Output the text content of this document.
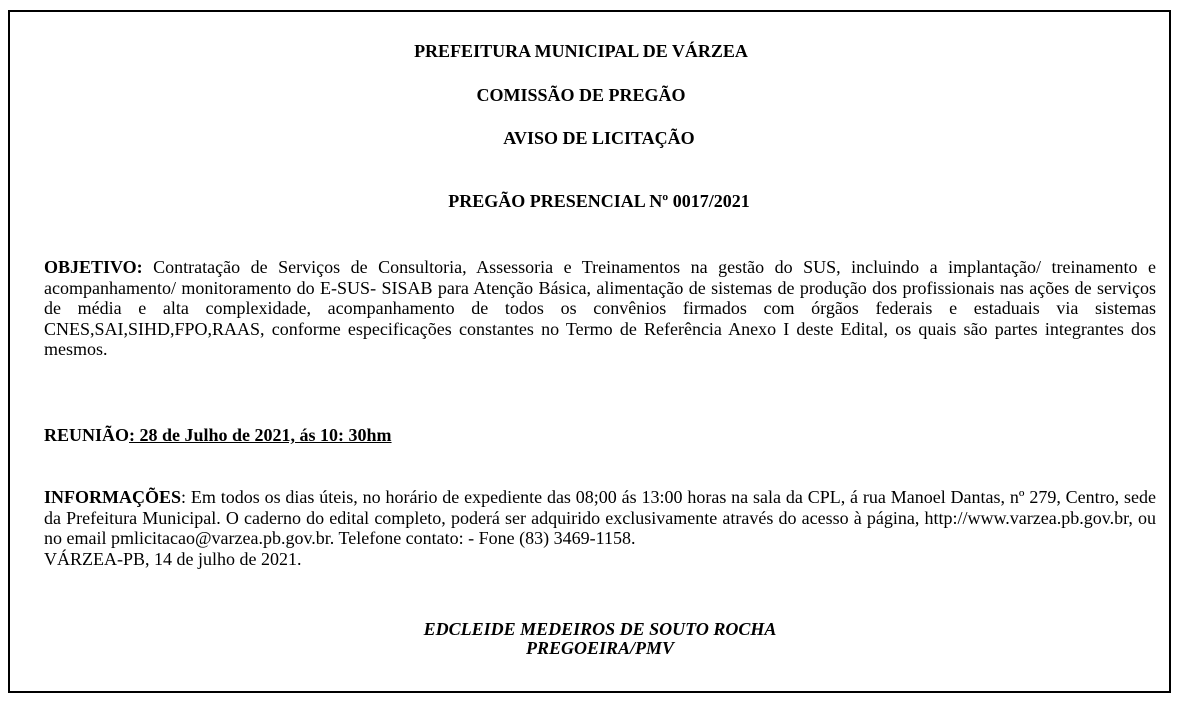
PREFEITURA MUNICIPAL DE VÁRZEA
COMISSÃO DE PREGÃO
AVISO DE LICITAÇÃO
PREGÃO PRESENCIAL Nº 0017/2021
OBJETIVO: Contratação de Serviços de Consultoria, Assessoria e Treinamentos na gestão do SUS, incluindo a implantação/ treinamento e acompanhamento/ monitoramento do E-SUS- SISAB para Atenção Básica, alimentação de sistemas de produção dos profissionais nas ações de serviços de média e alta complexidade, acompanhamento de todos os convênios firmados com órgãos federais e estaduais via sistemas CNES,SAI,SIHD,FPO,RAAS, conforme especificações constantes no Termo de Referência Anexo I deste Edital, os quais são partes integrantes dos mesmos.
REUNIÃO: 28 de Julho de 2021, ás 10: 30hm
INFORMAÇÕES: Em todos os dias úteis, no horário de expediente das 08;00 ás 13:00 horas na sala da CPL, á rua Manoel Dantas, nº 279, Centro, sede da Prefeitura Municipal. O caderno do edital completo, poderá ser adquirido exclusivamente através do acesso à página, http://www.varzea.pb.gov.br, ou no email pmlicitacao@varzea.pb.gov.br. Telefone contato: - Fone (83) 3469-1158.
VÁRZEA-PB, 14 de julho de 2021.
EDCLEIDE MEDEIROS DE SOUTO ROCHA
PREGOEIRA/PMV
